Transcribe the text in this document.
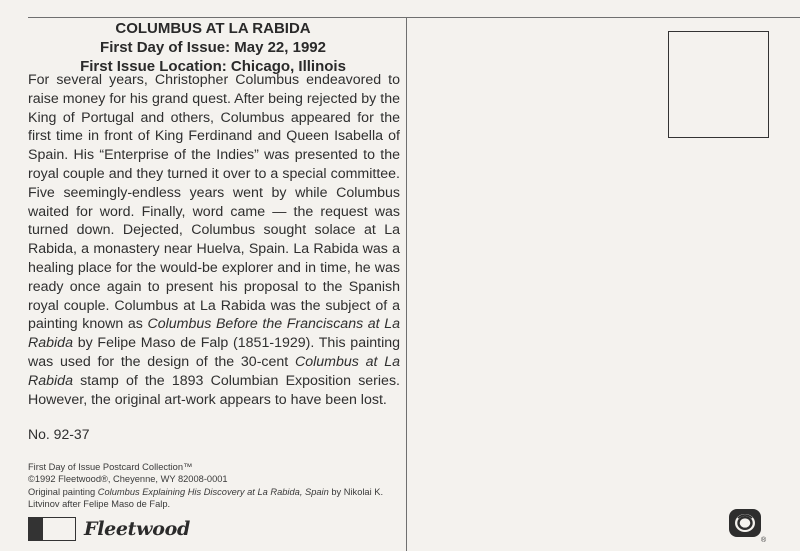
COLUMBUS AT LA RABIDA
First Day of Issue: May 22, 1992
First Issue Location: Chicago, Illinois

For several years, Christopher Columbus endeavored to raise money for his grand quest. After being rejected by the King of Portugal and others, Columbus appeared for the first time in front of King Ferdinand and Queen Isabella of Spain. His “Enterprise of the Indies” was presented to the royal couple and they turned it over to a special committee. Five seemingly-endless years went by while Columbus waited for word. Finally, word came — the request was turned down. Dejected, Columbus sought solace at La Rabida, a monastery near Huelva, Spain. La Rabida was a healing place for the would-be explorer and in time, he was ready once again to present his proposal to the Spanish royal couple. Columbus at La Rabida was the subject of a painting known as Columbus Before the Franciscans at La Rabida by Felipe Maso de Falp (1851-1929). This painting was used for the design of the 30-cent Columbus at La Rabida stamp of the 1893 Columbian Exposition series. However, the original art-work appears to have been lost.

No. 92-37
First Day of Issue Postcard Collection™
©1992 Fleetwood®, Cheyenne, WY 82008-0001
Original painting Columbus Explaining His Discovery at La Rabida, Spain by Nikolai K. Litvinov after Felipe Maso de Falp.
Fleetwood
®
